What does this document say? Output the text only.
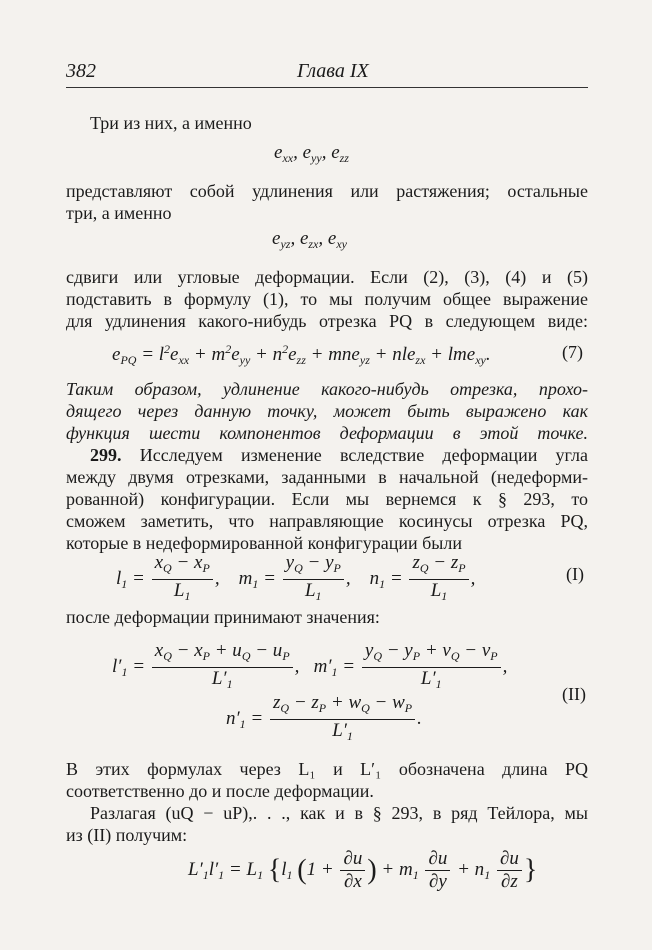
382	Глава IX
Три из них, а именно
$e_{xx}$, $e_{yy}$, $e_{zz}$
представляют собой удлинения или растяжения; остальные
три, а именно
$e_{yz}$, $e_{zx}$, $e_{xy}$
сдвиги или угловые деформации. Если (2), (3), (4) и (5)
подставить в формулу (1), то мы получим общее выражение
для удлинения какого-нибудь отрезка PQ в следующем виде:
$e_{PQ} = l^2e_{xx} + m^2e_{yy} + n^2e_{zz} + mne_{yz} + nle_{zx} + lme_{xy}$.	(7)
Таким образом, удлинение какого-нибудь отрезка, прохо-
дящего через данную точку, может быть выражено как
функция шести компонентов деформации в этой точке.
299. Исследуем изменение вследствие деформации угла
между двумя отрезками, заданными в начальной (недеформи-
рованной) конфигурации. Если мы вернемся к § 293, то
сможем заметить, что направляющие косинусы отрезка PQ,
которые в недеформированной конфигурации были
$l_1 = \frac{x_Q - x_P}{L_1}$ ,    $m_1 = \frac{y_Q - y_P}{L_1}$ ,    $n_1 = \frac{z_Q - z_P}{L_1}$ ,	(I)
после деформации принимают значения:
$l'_1 = \frac{x_Q - x_P + u_Q - u_P}{L'_1}$ ,   $m'_1 = \frac{y_Q - y_P + v_Q - v_P}{L'_1}$ ,
$n'_1 = \frac{z_Q - z_P + w_Q - w_P}{L'_1}$ .
(II)
В этих формулах через L₁ и L′₁ обозначена длина PQ
соответственно до и после деформации.
Разлагая (uQ − uP),. . ., как и в § 293, в ряд Тейлора, мы
из (II) получим:
$L'_1l'_1 = L_1$ {$l_1$ ($1 + \frac{\partial u}{\partial x}$ ) + $m_1 \frac{\partial u}{\partial y} + n_1 \frac{\partial u}{\partial z}$ }
